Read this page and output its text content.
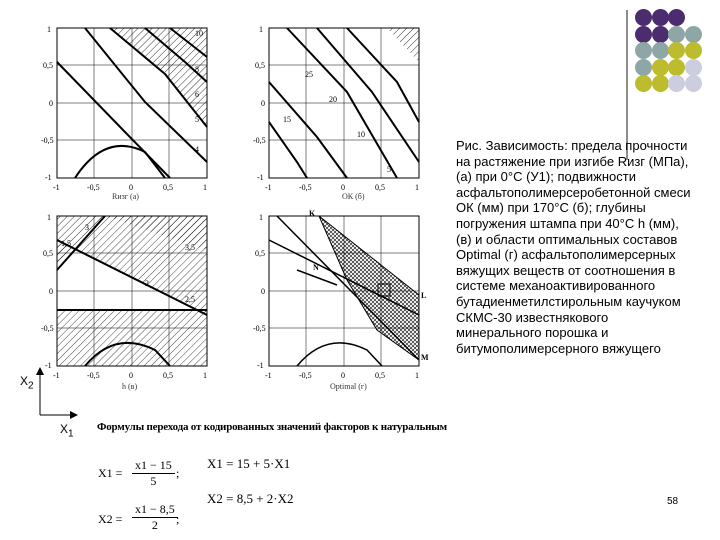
10
8
6
5
4
1
0,5
0
-0,5
-1
-1	-0,5	0	0,5	1
Rизг (а)
25
20
15
10
5
1
0,5
0
-0,5
-1
-1	-0,5	0	0,5	1
ОК (б)
1,5
3
2
2,5
3,5
1
0,5
0
-0,5
-1
-1	-0,5	0	0,5	1
h (в)
K
N
M
L
1
0,5
0
-0,5
-1
-1	-0,5	0	0,5	1
Optimal (г)
$X_2$
$X_1$
Рис. Зависимость: предела прочности на растяжение при изгибе Rизг (МПа), (а) при 0°С (У1); подвижности асфальтополимерсеробетонной смеси ОК (мм) при 170°С (б); глубины погружения штампа при 40°С h (мм), (в) и области оптимальных составов Optimal (г) асфальтополимерсерных вяжущих веществ от соотношения в системе механоактивированного бутадиенметилстирольным каучуком СКМС-30 известнякового минерального порошка и битумополимерсерного вяжущего
Формулы перехода от кодированных значений факторов к натуральным
$X1 = \frac{x1 - 15}{5}$ ;
X1 = 15 + 5·X1
$X2 = \frac{x1 - 8,5}{2}$
;
X2 = 8,5 + 2·X2	58
